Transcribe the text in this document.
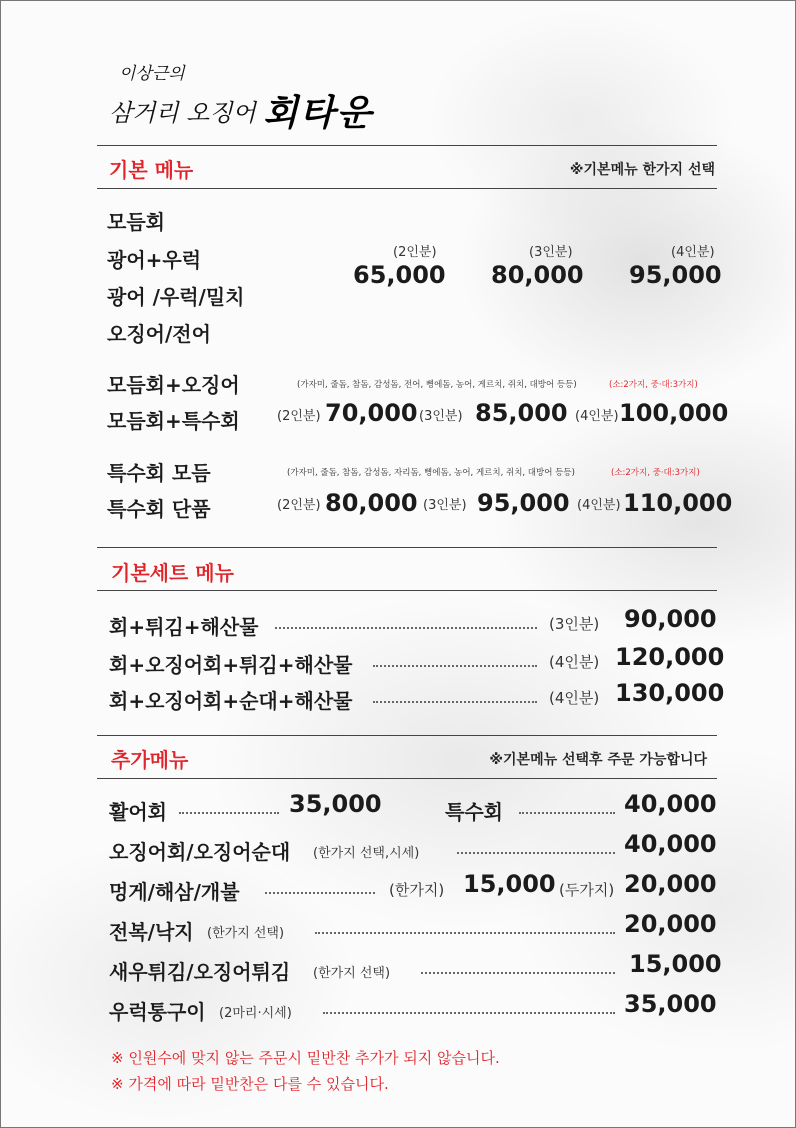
이상근의
삼거리 오징어 회타운
기본 메뉴	※기본메뉴 한가지 선택
모듬회
광어+우럭
광어 /우럭/밀치
오징어/전어
(2인분)	(3인분)	(4인분)
65,000 80,000 95,000
모듬회+오징어	(가자미, 줄돔, 참돔, 감성돔, 전어, 뼝에돔, 농어, 게르치, 쥐치, 대방어 등등)	(소:2가지, 중·대:3가지)
모듬회+특수회	(2인분) 70,000 (3인분) 85,000 (4인분) 100,000
특수회 모듬	(가자미, 줄돔, 참돔, 감성돔, 자리돔, 뼝에돔, 농어, 게르치, 쥐치, 대방어 등등)	(소:2가지, 중·대:3가지)
특수회 단품	(2인분) 80,000 (3인분) 95,000 (4인분) 110,000
기본세트 메뉴
회+튀김+해산물	(3인분) 90,000
회+오징어회+튀김+해산물	(4인분) 120,000
회+오징어회+순대+해산물	(4인분) 130,000
추가메뉴	※기본메뉴 선택후 주문 가능합니다
활어회	35,000	특수회	40,000
오징어회/오징어순대 (한가지 선택,시세)	40,000
멍게/해삼/개불	(한가지) 15,000 (두가지) 20,000
전복/낙지 (한가지 선택)	20,000
새우튀김/오징어튀김 (한가지 선택)	15,000
우럭통구이 (2마리·시세)	35,000
※ 인원수에 맞지 않는 주문시 밑반찬 추가가 되지 않습니다.
※ 가격에 따라 밑반찬은 다를 수 있습니다.
